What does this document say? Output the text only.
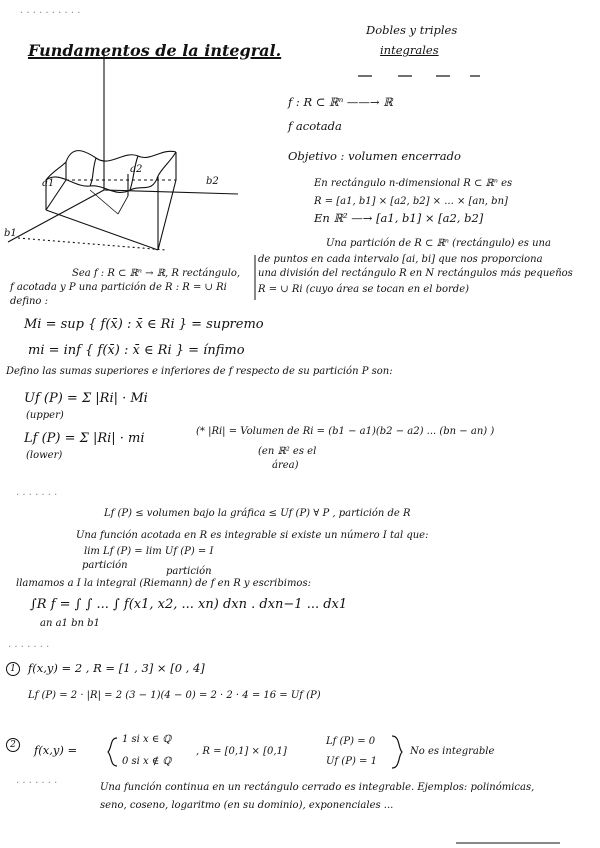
· · · · · · · · · ·
Fundamentos de la integral.
Dobles y triples
integrales
a1
b1
b2
a2
f : R ⊂ ℝⁿ ——→ ℝ
f acotada
Objetivo : volumen encerrado
En rectángulo n-dimensional R ⊂ ℝⁿ es
R = [a1, b1] × [a2, b2] × ... × [an, bn]
En ℝ² —→ [a1, b1] × [a2, b2]
Una partición de R ⊂ ℝⁿ (rectángulo) es una
de puntos en cada intervalo [ai, bi] que nos proporciona
una división del rectángulo R en N rectángulos más pequeños
R = ∪ Ri (cuyo área se tocan en el borde)
Sea f : R ⊂ ℝⁿ → ℝ, R rectángulo,
f acotada y P una partición de R : R = ∪ Ri
defino :
Mi = sup { f(x̄) : x̄ ∈ Ri } = supremo
mi = inf { f(x̄) : x̄ ∈ Ri } = ínfimo
Defino las sumas superiores e inferiores de f respecto de su partición P son:
Uf (P) = Σ |Ri| · Mi
(upper)
Lf (P) = Σ |Ri| · mi
(lower)
(* |Ri| = Volumen de Ri = (b1 − a1)(b2 − a2) ... (bn − an) )
(en ℝ² es el
área)
· · · · · · ·
Lf (P) ≤ volumen bajo la gráfica ≤ Uf (P) ∀ P , partición de R
Una función acotada en R es integrable si existe un número I tal que:
lim Lf (P) = lim Uf (P) = I
partición
partición
llamamos a I la integral (Riemann) de f en R y escribimos:
∫R f = ∫ ∫ ... ∫ f(x1, x2, ... xn) dxn . dxn−1 ... dx1
an a1 bn b1
· · · · · · ·
1	f(x,y) = 2 , R = [1 , 3] × [0 , 4]
Lf (P) = 2 · |R| = 2 (3 − 1)(4 − 0) = 2 · 2 · 4 = 16 = Uf (P)
2	f(x,y) =
1 si x ∈ ℚ
0 si x ∉ ℚ
, R = [0,1] × [0,1]
Lf (P) = 0
Uf (P) = 1
No es integrable
· · · · · · ·	Una función continua en un rectángulo cerrado es integrable. Ejemplos: polinómicas,
seno, coseno, logaritmo (en su dominio), exponenciales ...
